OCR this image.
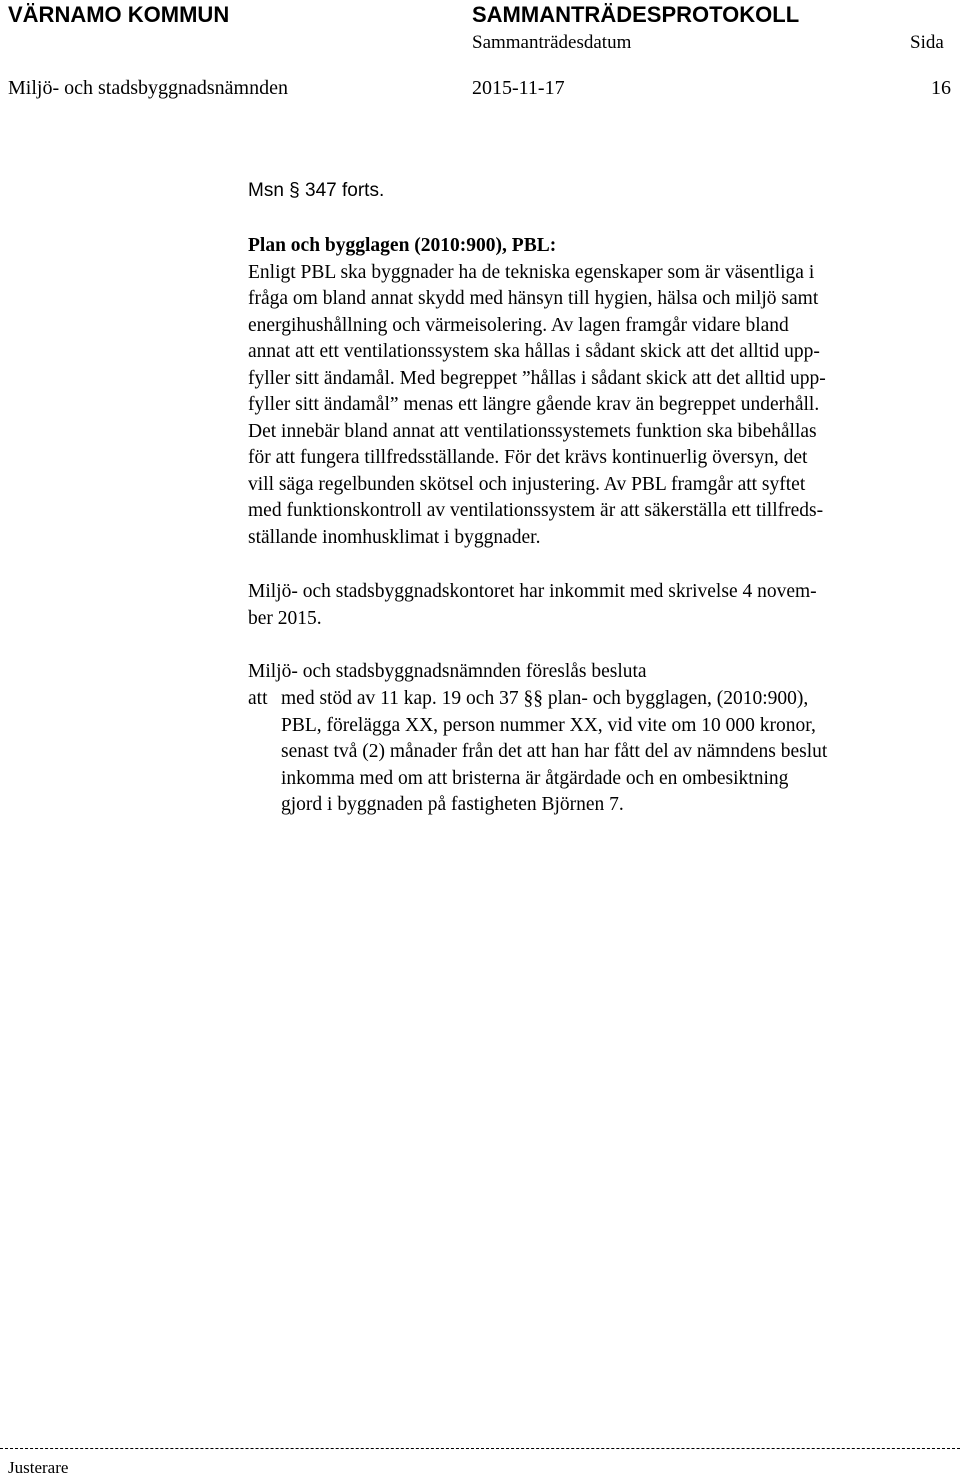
VÄRNAMO KOMMUN	SAMMANTRÄDESPROTOKOLL
Sammanträdesdatum	Sida
Miljö- och stadsbyggnadsnämnden	2015-11-17	16
Msn § 347 forts.
Plan och bygglagen (2010:900), PBL:
Enligt PBL ska byggnader ha de tekniska egenskaper som är väsentliga i
fråga om bland annat skydd med hänsyn till hygien, hälsa och miljö samt
energihushållning och värmeisolering. Av lagen framgår vidare bland
annat att ett ventilationssystem ska hållas i sådant skick att det alltid upp-
fyller sitt ändamål. Med begreppet ”hållas i sådant skick att det alltid upp-
fyller sitt ändamål” menas ett längre gående krav än begreppet underhåll.
Det innebär bland annat att ventilationssystemets funktion ska bibehållas
för att fungera tillfredsställande. För det krävs kontinuerlig översyn, det
vill säga regelbunden skötsel och injustering. Av PBL framgår att syftet
med funktionskontroll av ventilationssystem är att säkerställa ett tillfreds-
ställande inomhusklimat i byggnader.
Miljö- och stadsbyggnadskontoret har inkommit med skrivelse 4 novem-
ber 2015.
Miljö- och stadsbyggnadsnämnden föreslås besluta
att med stöd av 11 kap. 19 och 37 §§ plan- och bygglagen, (2010:900),
PBL, förelägga XX, person nummer XX, vid vite om 10 000 kronor,
senast två (2) månader från det att han har fått del av nämndens beslut
inkomma med om att bristerna är åtgärdade och en ombesiktning
gjord i byggnaden på fastigheten Björnen 7.
Justerare
